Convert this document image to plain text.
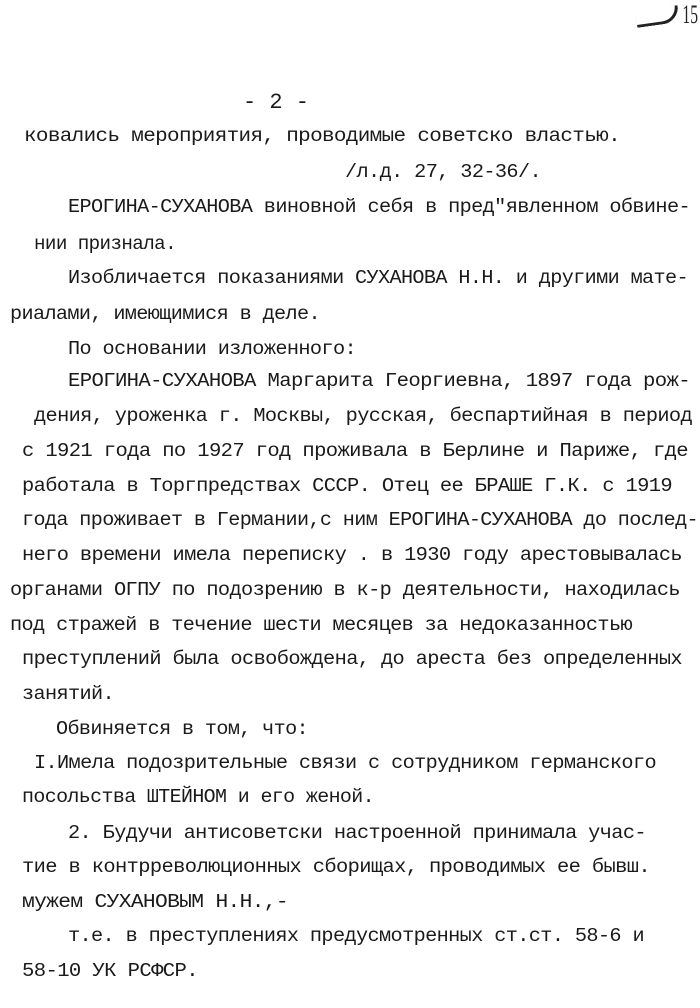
15
- 2 -
ковались мероприятия, проводимые советско властью.
/л.д. 27, 32-36/.
ЕРОГИНА-СУХАНОВА виновной себя в пред"явленном обвине-
нии признала.
Изобличается показаниями СУХАНОВА Н.Н. и другими мате-
риалами, имеющимися в деле.
По основании изложенного:
ЕРОГИНА-СУХАНОВА Маргарита Георгиевна, 1897 года рож-
дения, уроженка г. Москвы, русская, беспартийная в период
с 1921 года по 1927 год проживала в Берлине и Париже, где
работала в Торгпредствах СССР. Отец ее БРАШЕ Г.К. с 1919
года проживает в Германии,с ним ЕРОГИНА-СУХАНОВА до послед-
него времени имела переписку . в 1930 году арестовывалась
органами ОГПУ по подозрению в к-р деятельности, находилась
под стражей в течение шести месяцев за недоказанностью
преступлений была освобождена, до ареста без определенных
занятий.
Обвиняется в том, что:
I.Имела подозрительные связи с сотрудником германского
посольства ШТЕЙНОМ и его женой.
2. Будучи антисоветски настроенной принимала учас-
тие в контрреволюционных сборищах, проводимых ее бывш.
мужем СУХАНОВЫМ Н.Н.,-
т.е. в преступлениях предусмотренных ст.ст. 58-6 и
58-10 УК РСФСР.
